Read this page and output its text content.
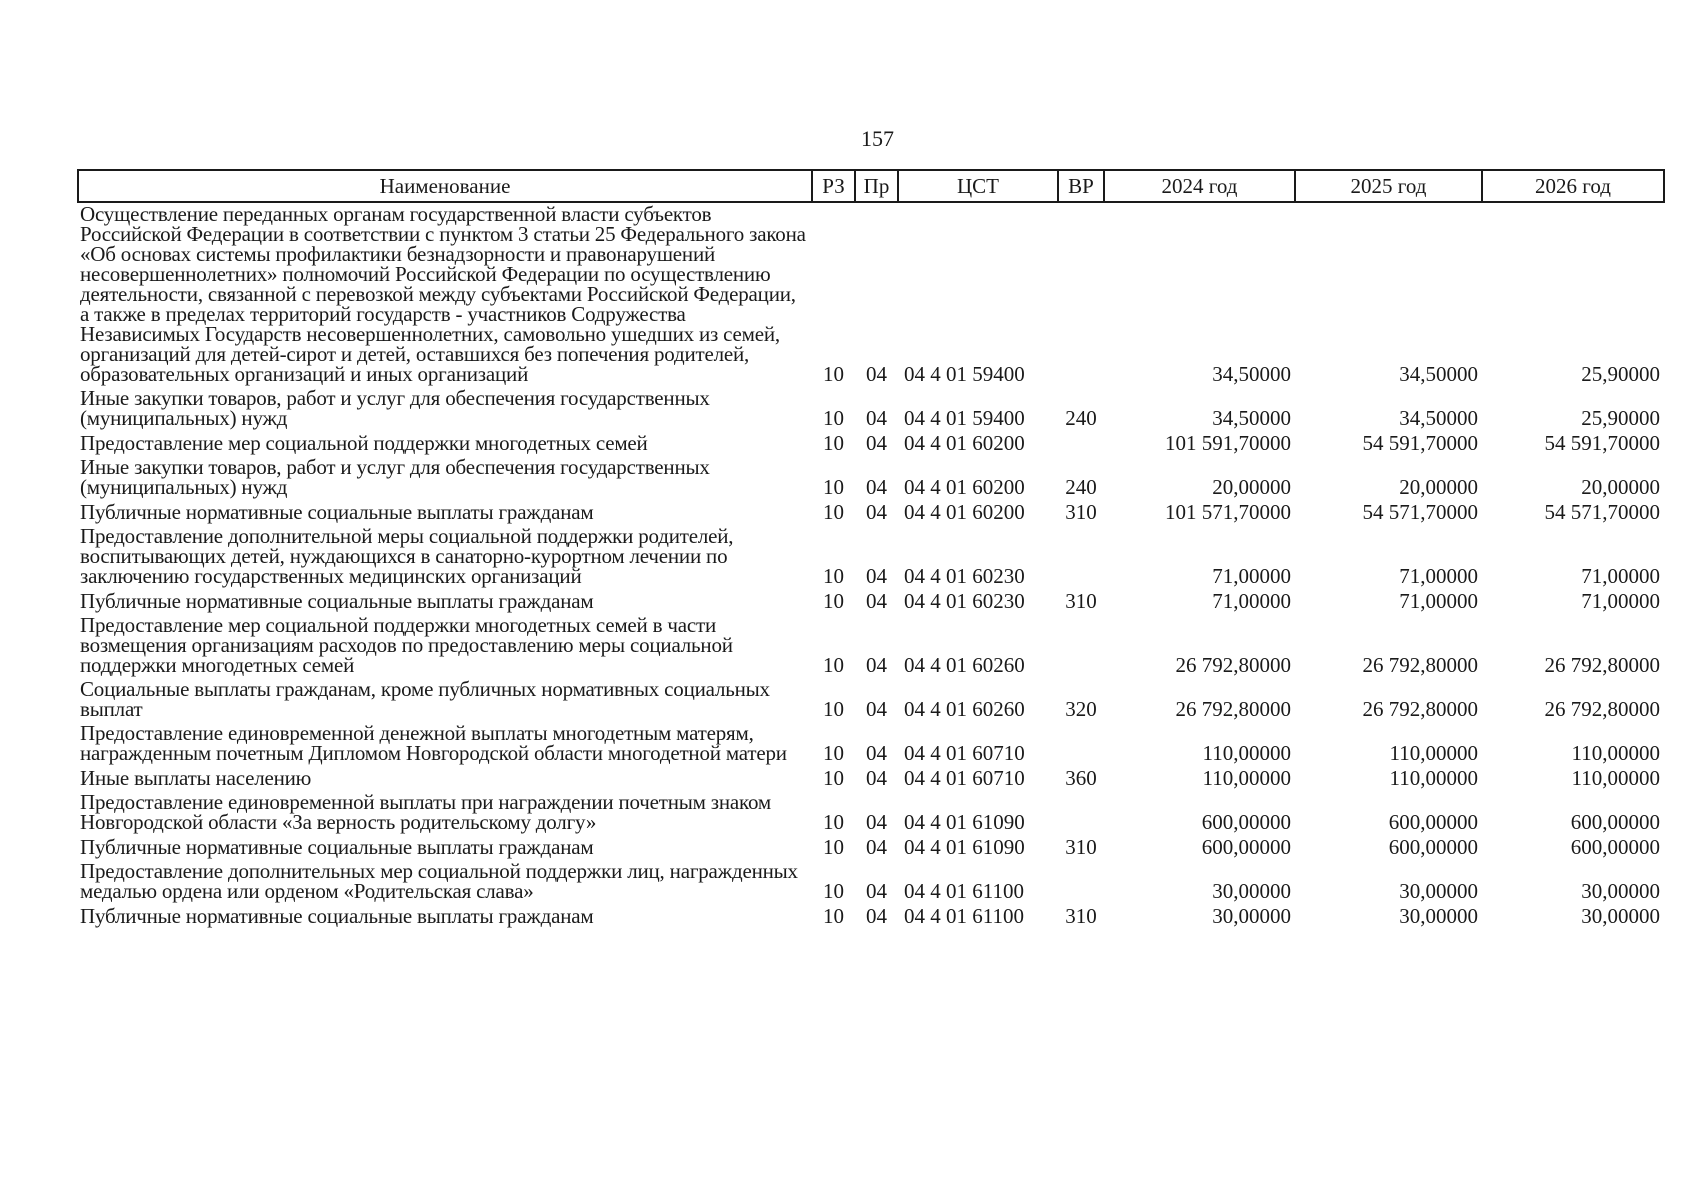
157
Наименование	РЗ	Пр	ЦСТ	ВР	2024 год	2025 год	2026 год
Осуществление переданных органам государственной власти субъектов Российской Федерации в соответствии с пунктом 3 статьи 25 Федерального закона «Об основах системы профилактики безнадзорности и правонарушений несовершеннолетних» полномочий Российской Федерации по осуществлению деятельности, связанной с перевозкой между субъектами Российской Федерации, а также в пределах территорий государств - участников Содружества Независимых Государств несовершеннолетних, самовольно ушедших из семей, организаций для детей-сирот и детей, оставшихся без попечения родителей, образовательных организаций и иных организаций	10	04	04 4 01 59400		34,50000	34,50000	25,90000
Иные закупки товаров, работ и услуг для обеспечения государственных (муниципальных) нужд	10	04	04 4 01 59400	240	34,50000	34,50000	25,90000
Предоставление мер социальной поддержки многодетных семей	10	04	04 4 01 60200		101 591,70000	54 591,70000	54 591,70000
Иные закупки товаров, работ и услуг для обеспечения государственных (муниципальных) нужд	10	04	04 4 01 60200	240	20,00000	20,00000	20,00000
Публичные нормативные социальные выплаты гражданам	10	04	04 4 01 60200	310	101 571,70000	54 571,70000	54 571,70000
Предоставление дополнительной меры социальной поддержки родителей, воспитывающих детей, нуждающихся в санаторно-курортном лечении по заключению государственных медицинских организаций	10	04	04 4 01 60230		71,00000	71,00000	71,00000
Публичные нормативные социальные выплаты гражданам	10	04	04 4 01 60230	310	71,00000	71,00000	71,00000
Предоставление мер социальной поддержки многодетных семей в части возмещения организациям расходов по предоставлению меры социальной поддержки многодетных семей	10	04	04 4 01 60260		26 792,80000	26 792,80000	26 792,80000
Социальные выплаты гражданам, кроме публичных нормативных социальных выплат	10	04	04 4 01 60260	320	26 792,80000	26 792,80000	26 792,80000
Предоставление единовременной денежной выплаты многодетным матерям, награжденным почетным Дипломом Новгородской области многодетной матери	10	04	04 4 01 60710		110,00000	110,00000	110,00000
Иные выплаты населению	10	04	04 4 01 60710	360	110,00000	110,00000	110,00000
Предоставление единовременной выплаты при награждении почетным знаком Новгородской области «За верность родительскому долгу»	10	04	04 4 01 61090		600,00000	600,00000	600,00000
Публичные нормативные социальные выплаты гражданам	10	04	04 4 01 61090	310	600,00000	600,00000	600,00000
Предоставление дополнительных мер социальной поддержки лиц, награжденных медалью ордена или орденом «Родительская слава»	10	04	04 4 01 61100		30,00000	30,00000	30,00000
Публичные нормативные социальные выплаты гражданам	10	04	04 4 01 61100	310	30,00000	30,00000	30,00000
